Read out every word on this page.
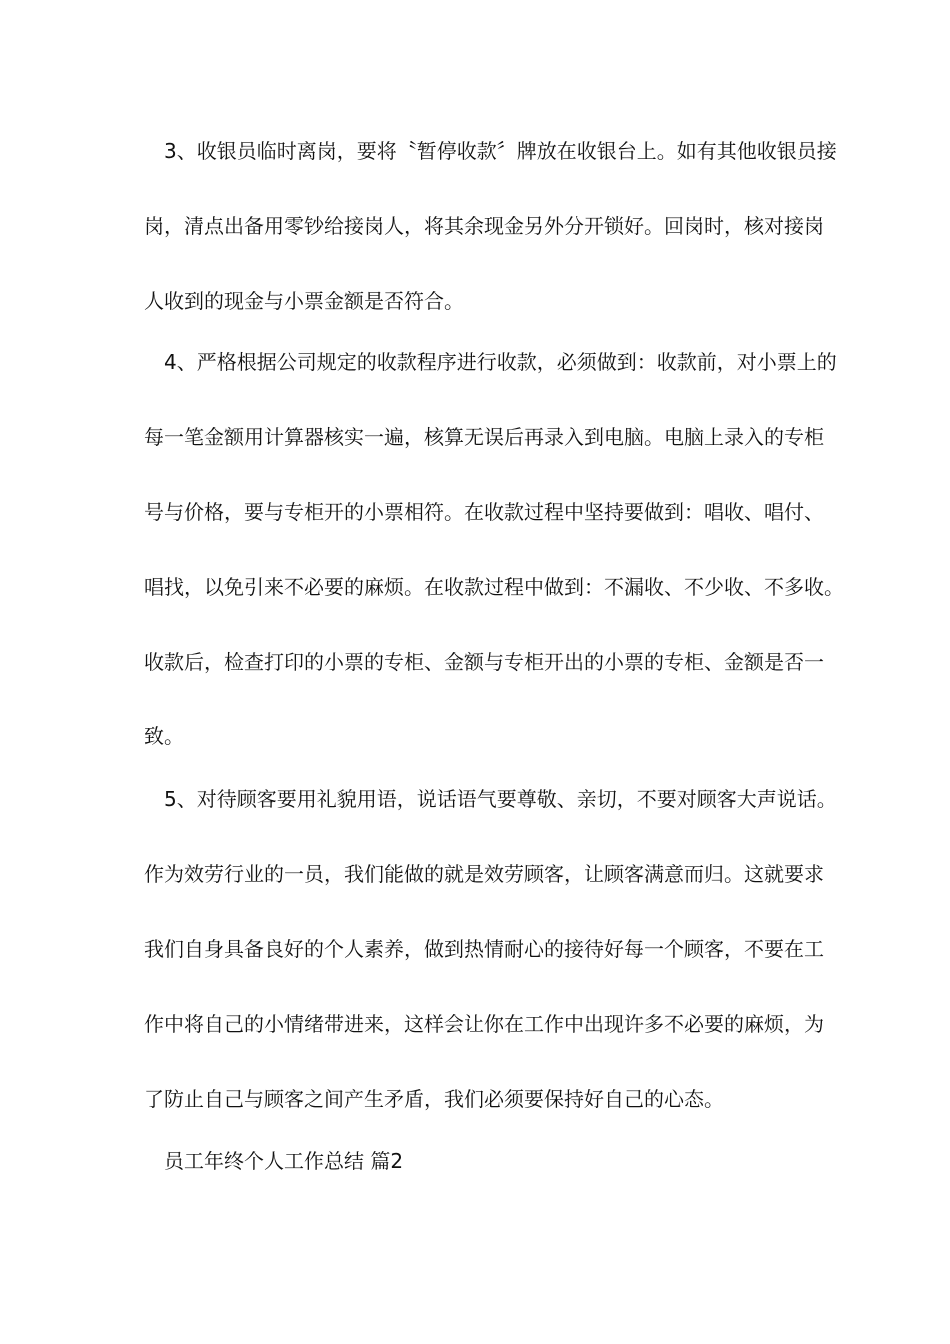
3、收银员临时离岗，要将〝暂停收款〞牌放在收银台上。如有其他收银员接
岗，清点出备用零钞给接岗人，将其余现金另外分开锁好。回岗时，核对接岗
人收到的现金与小票金额是否符合。
4、严格根据公司规定的收款程序进行收款，必须做到：收款前，对小票上的
每一笔金额用计算器核实一遍，核算无误后再录入到电脑。电脑上录入的专柜
号与价格，要与专柜开的小票相符。在收款过程中坚持要做到：唱收、唱付、
唱找，以免引来不必要的麻烦。在收款过程中做到：不漏收、不少收、不多收。
收款后，检查打印的小票的专柜、金额与专柜开出的小票的专柜、金额是否一
致。
5、对待顾客要用礼貌用语，说话语气要尊敬、亲切，不要对顾客大声说话。
作为效劳行业的一员，我们能做的就是效劳顾客，让顾客满意而归。这就要求
我们自身具备良好的个人素养，做到热情耐心的接待好每一个顾客，不要在工
作中将自己的小情绪带进来，这样会让你在工作中出现许多不必要的麻烦，为
了防止自己与顾客之间产生矛盾，我们必须要保持好自己的心态。
员工年终个人工作总结 篇2
